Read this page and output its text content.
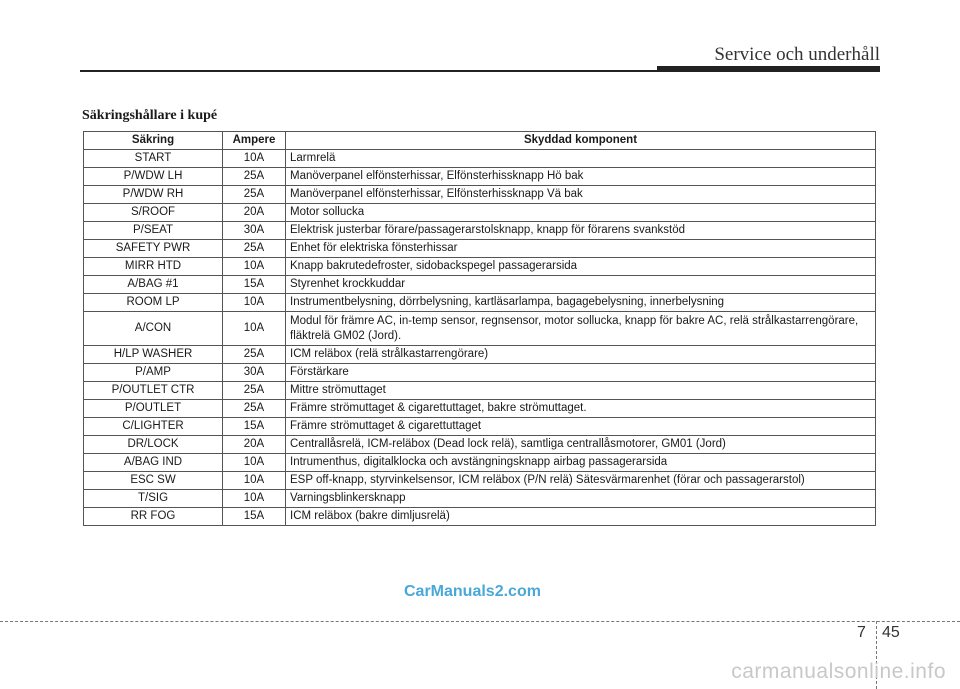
Service och underhåll
Säkringshållare i kupé
Säkring	Ampere	Skyddad komponent
START	10A	Larmrelä
P/WDW LH	25A	Manöverpanel elfönsterhissar, Elfönsterhissknapp Hö bak
P/WDW RH	25A	Manöverpanel elfönsterhissar, Elfönsterhissknapp Vä bak
S/ROOF	20A	Motor sollucka
P/SEAT	30A	Elektrisk justerbar förare/passagerarstolsknapp, knapp för förarens svankstöd
SAFETY PWR	25A	Enhet för elektriska fönsterhissar
MIRR HTD	10A	Knapp bakrutedefroster, sidobackspegel passagerarsida
A/BAG #1	15A	Styrenhet krockkuddar
ROOM LP	10A	Instrumentbelysning, dörrbelysning, kartläsarlampa, bagagebelysning, innerbelysning
A/CON	10A	Modul för främre AC, in-temp sensor, regnsensor, motor sollucka, knapp för bakre AC, relä strålkastarrengörare, fläktrelä GM02 (Jord).
H/LP WASHER	25A	ICM reläbox (relä strålkastarrengörare)
P/AMP	30A	Förstärkare
P/OUTLET CTR	25A	Mittre strömuttaget
P/OUTLET	25A	Främre strömuttaget & cigarettuttaget, bakre strömuttaget.
C/LIGHTER	15A	Främre strömuttaget & cigarettuttaget
DR/LOCK	20A	Centrallåsrelä, ICM-reläbox (Dead lock relä), samtliga centrallåsmotorer, GM01 (Jord)
A/BAG IND	10A	Intrumenthus, digitalklocka och avstängningsknapp airbag passagerarsida
ESC SW	10A	ESP off-knapp, styrvinkelsensor, ICM reläbox (P/N relä) Sätesvärmarenhet (förar och passagerarstol)
T/SIG	10A	Varningsblinkersknapp
RR FOG	15A	ICM reläbox (bakre dimljusrelä)
CarManuals2.com
7 45
carmanualsonline.info
